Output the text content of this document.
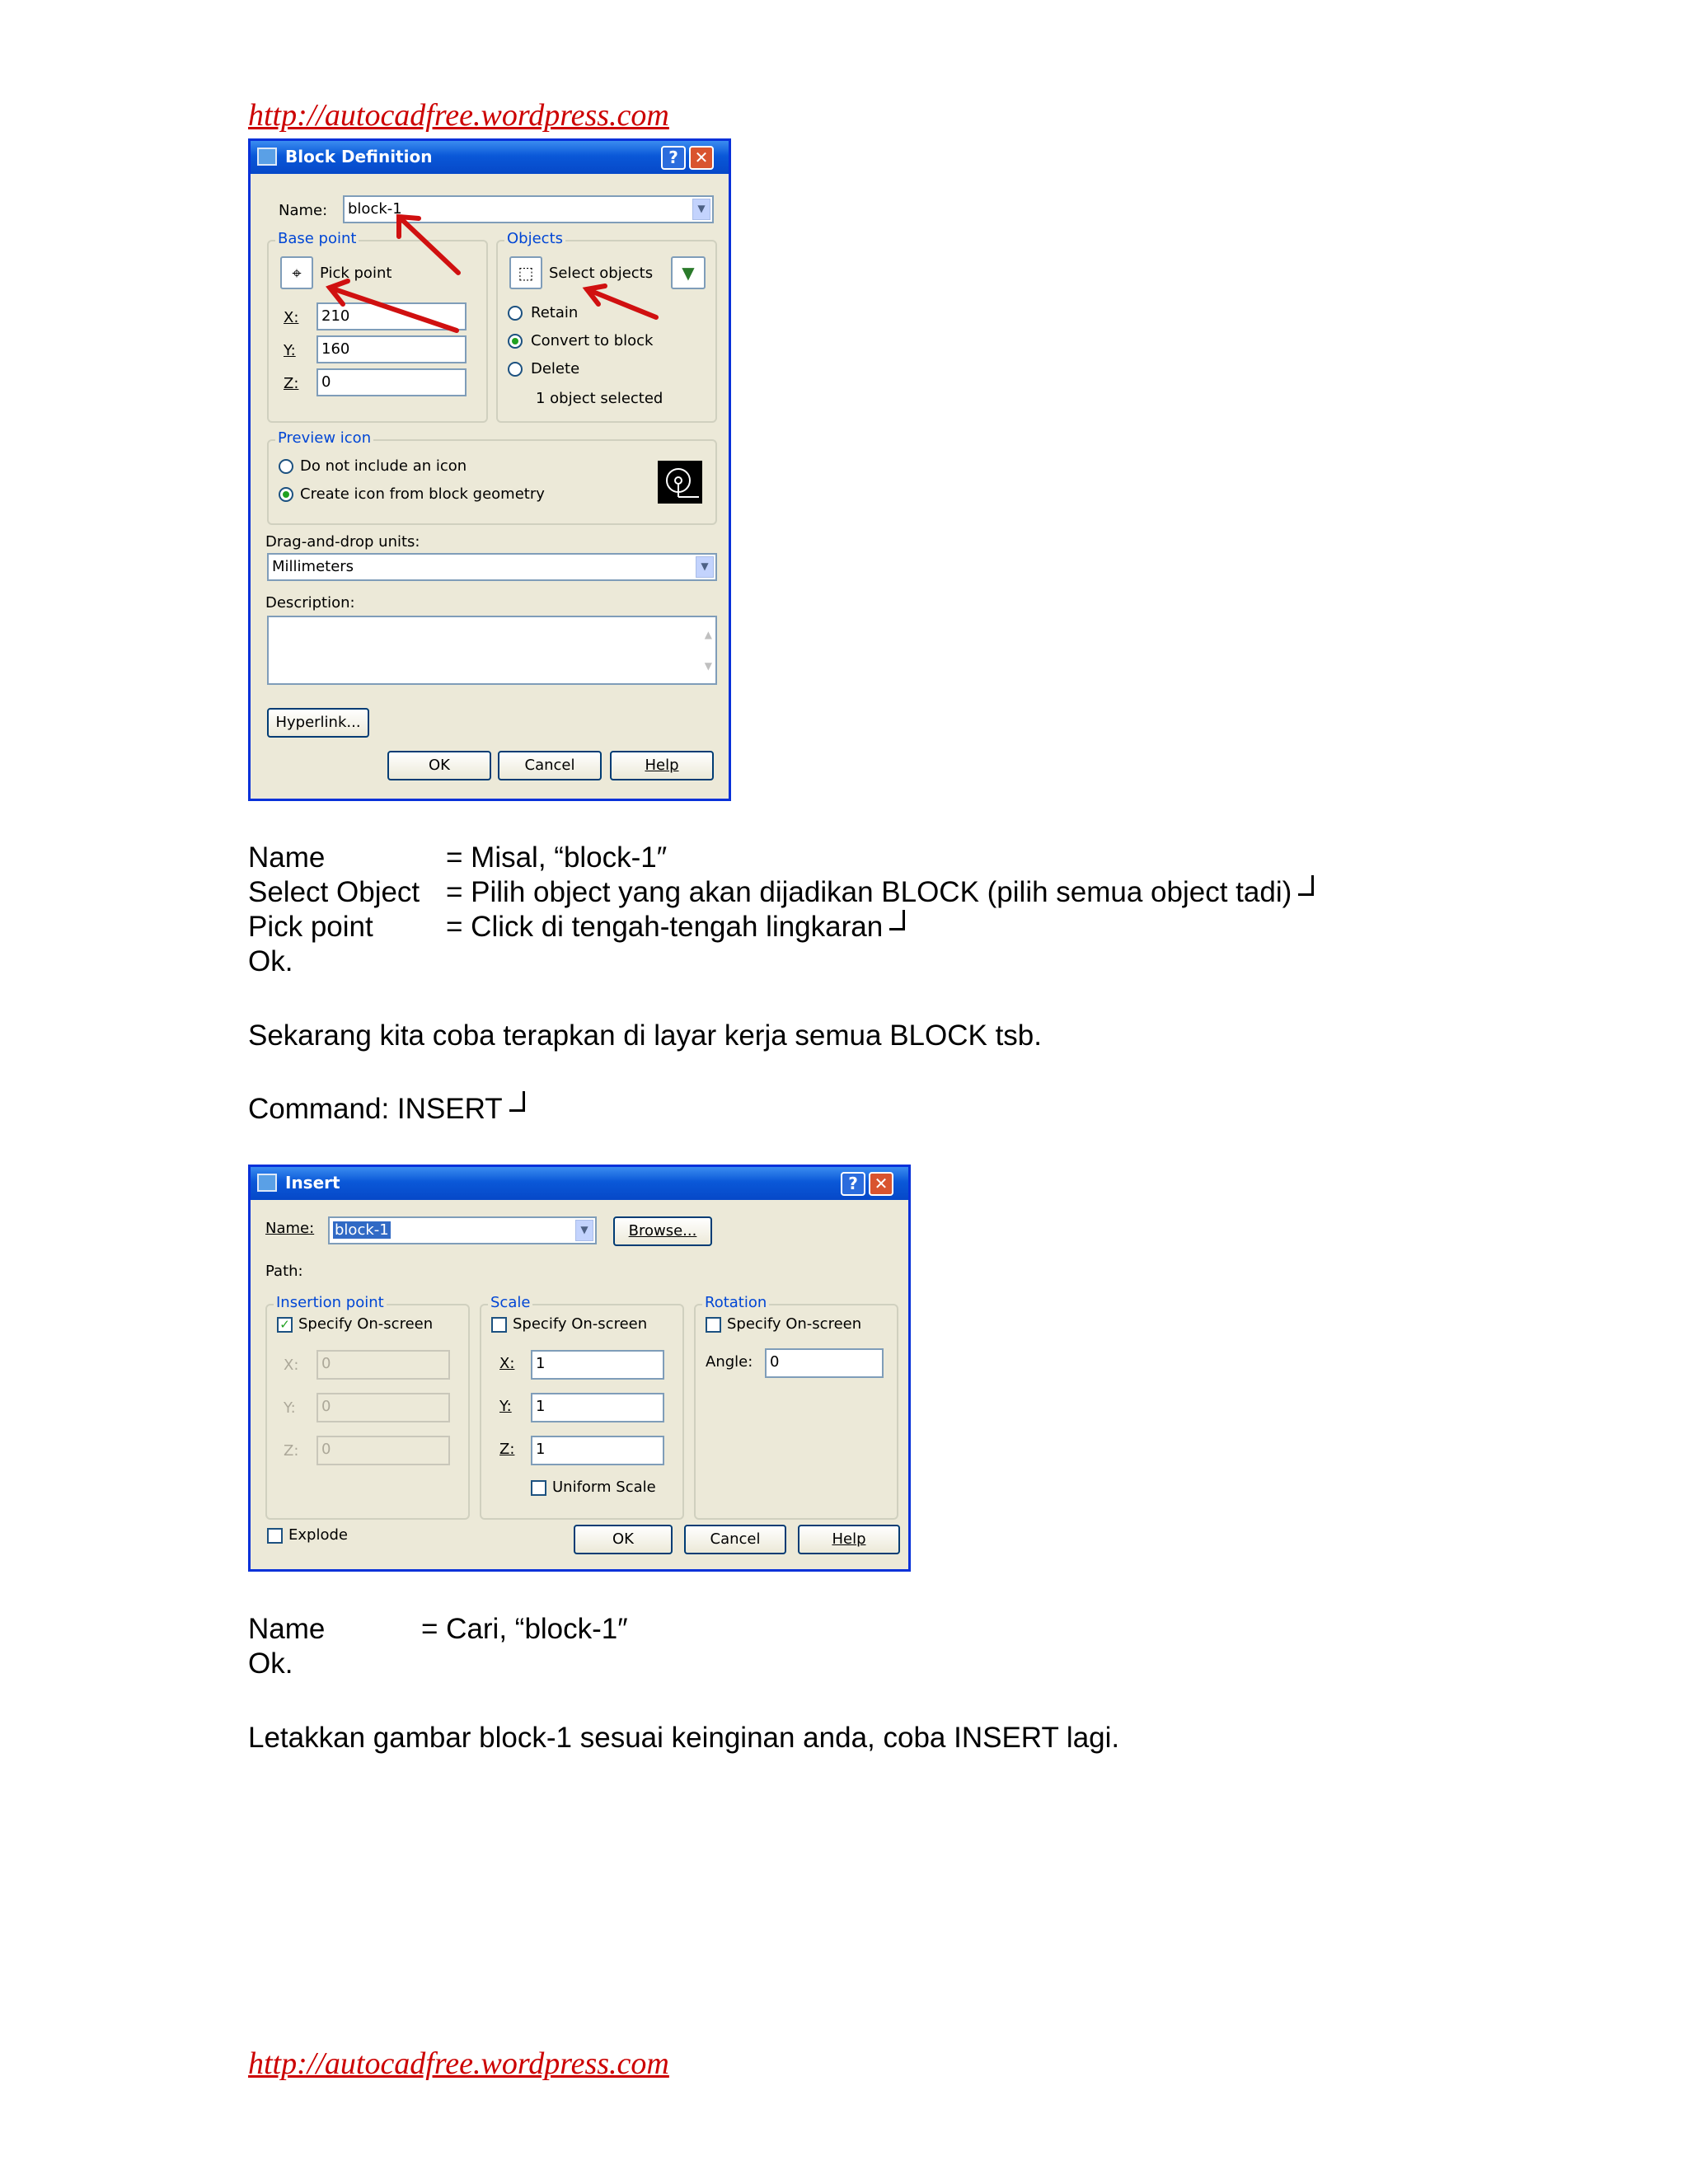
http://autocadfree.wordpress.com
Block Definition	? ✕
Name:	block-1	▼
Base point
⌖	Pick point
X:	210
Y:	160
Z:	0
Objects
⬚	Select objects	▼
Retain
Convert to block
Delete
1 object selected
Preview icon
Do not include an icon
Create icon from block geometry
Drag-and-drop units:
Millimeters	▼
Description:
▲
▼
Hyperlink...
OK	Cancel	Help
Name	= Misal, “block-1″
Select Object = Pilih object yang akan dijadikan BLOCK (pilih semua object tadi)
Pick point	= Click di tengah-tengah lingkaran
Ok.
Sekarang kita coba terapkan di layar kerja semua BLOCK tsb.
Command: INSERT
Insert	? ✕
Name:	block-1	▼	Browse...
Path:
Insertion point
✓ Specify On-screen
X:	0
Y:	0
Z:	0
Scale
Specify On-screen
X:	1
Y:	1
Z:	1
Uniform Scale
Rotation
Specify On-screen
Angle:	0
Explode	OK	Cancel	Help
Name	= Cari, “block-1″
Ok.
Letakkan gambar block-1 sesuai keinginan anda, coba INSERT lagi.
http://autocadfree.wordpress.com
